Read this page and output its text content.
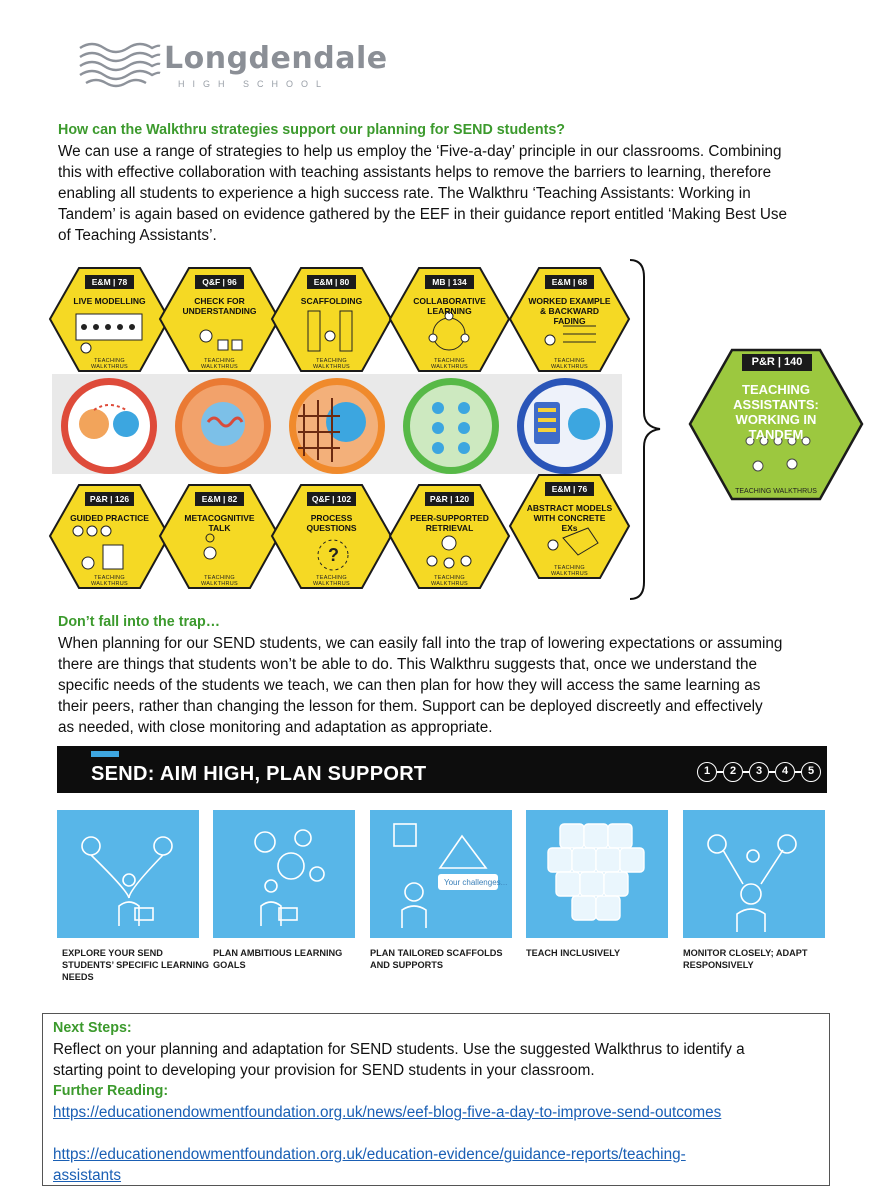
Longdendale
HIGH SCHOOL
How can the Walkthru strategies support our planning for SEND students?
We can use a range of strategies to help us employ the ‘Five-a-day’ principle in our classrooms. Combining
this with effective collaboration with teaching assistants helps to remove the barriers to learning, therefore
enabling all students to experience a high success rate. The Walkthru ‘Teaching Assistants: Working in
Tandem’ is again based on evidence gathered by the EEF in their guidance report entitled ‘Making Best Use
of Teaching Assistants’.
E&M | 78
LIVE MODELLING
TEACHING WALKTHRUS
Q&F | 96
CHECK FOR UNDERSTANDING
TEACHING WALKTHRUS
E&M | 80
SCAFFOLDING
TEACHING WALKTHRUS
MB | 134
COLLABORATIVE LEARNING
TEACHING WALKTHRUS
E&M | 68
WORKED EXAMPLE & BACKWARD FADING
TEACHING WALKTHRUS
P&R | 126
GUIDED PRACTICE
TEACHING WALKTHRUS
E&M | 82
METACOGNITIVE TALK
TEACHING WALKTHRUS
?
Q&F | 102
PROCESS QUESTIONS
TEACHING WALKTHRUS
P&R | 120
PEER-SUPPORTED RETRIEVAL
TEACHING WALKTHRUS
E&M | 76
ABSTRACT MODELS WITH CONCRETE EXs
TEACHING WALKTHRUS
P&R | 140
TEACHING ASSISTANTS: WORKING IN TANDEM
TEACHING WALKTHRUS
Don’t fall into the trap…
When planning for our SEND students, we can easily fall into the trap of lowering expectations or assuming
there are things that students won’t be able to do. This Walkthru suggests that, once we understand the
specific needs of the students we teach, we can then plan for how they will access the same learning as
their peers, rather than changing the lesson for them. Support can be deployed discreetly and effectively
as needed, with close monitoring and adaptation as appropriate.
SEND: AIM HIGH, PLAN SUPPORT	1	2	3	4	5
Your challenges...
EXPLORE YOUR SEND STUDENTS’ SPECIFIC LEARNING NEEDS
PLAN AMBITIOUS LEARNING GOALS
PLAN TAILORED SCAFFOLDS AND SUPPORTS
TEACH INCLUSIVELY	MONITOR CLOSELY; ADAPT RESPONSIVELY
Next Steps:
Reflect on your planning and adaptation for SEND students. Use the suggested Walkthrus to identify a
starting point to developing your provision for SEND students in your classroom.
Further Reading:
https://educationendowmentfoundation.org.uk/news/eef-blog-five-a-day-to-improve-send-outcomes
https://educationendowmentfoundation.org.uk/education-evidence/guidance-reports/teaching-
assistants
